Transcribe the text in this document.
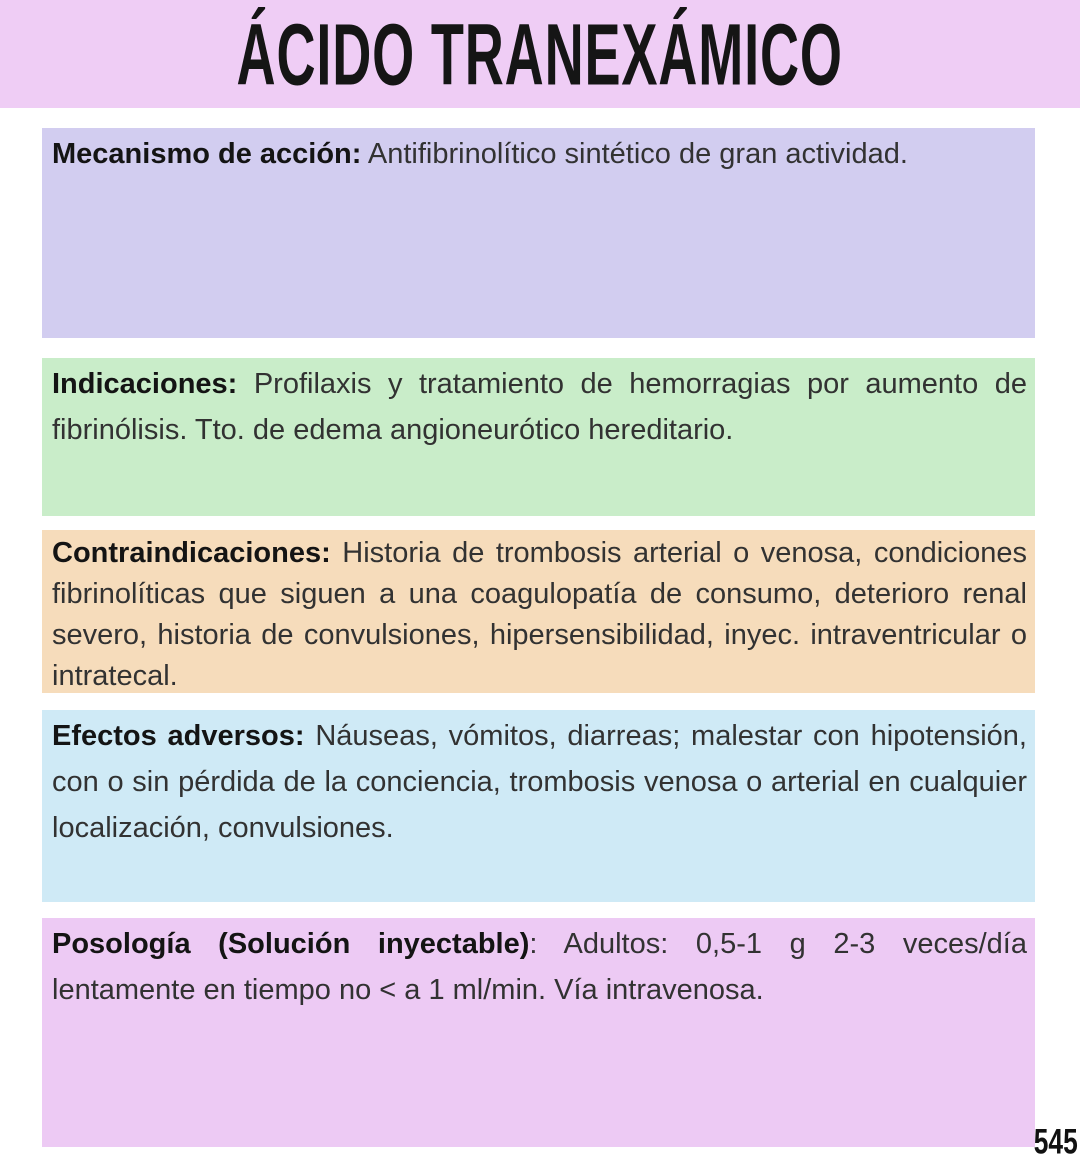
ÁCIDO TRANEXÁMICO

Mecanismo de acción: Antifibrinolítico sintético de gran actividad.

Indicaciones: Profilaxis y tratamiento de hemorragias por aumento de fibrinólisis. Tto. de edema angioneurótico hereditario.

Contraindicaciones: Historia de trombosis arterial o venosa, condiciones fibrinolíticas que siguen a una coagulopatía de consumo, deterioro renal severo, historia de convulsiones, hipersensibilidad, inyec. intraventricular o intratecal.

Efectos adversos: Náuseas, vómitos, diarreas; malestar con hipotensión, con o sin pérdida de la conciencia, trombosis venosa o arterial en cualquier localización, convulsiones.

Posología (Solución inyectable): Adultos: 0,5-1 g 2-3 veces/día lentamente en tiempo no < a 1 ml/min. Vía intravenosa.

545
